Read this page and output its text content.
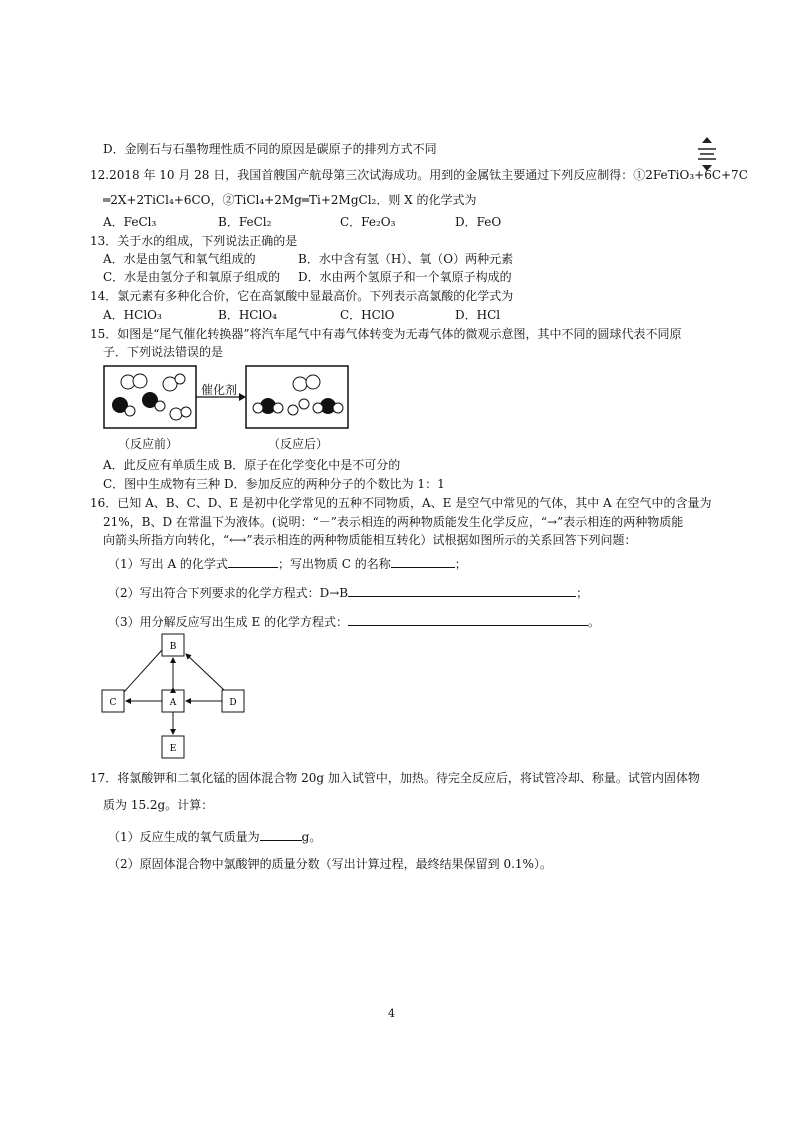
D．金刚石与石墨物理性质不同的原因是碳原子的排列方式不同
12.2018 年 10 月 28 日，我国首艘国产航母第三次试海成功。用到的金属钛主要通过下列反应制得：①2FeTiO₃+6C+7C
═2X+2TiCl₄+6CO，②TiCl₄+2Mg═Ti+2MgCl₂．则 X 的化学式为
A．FeCl₃	B．FeCl₂	C．Fe₂O₃	D．FeO
13．关于水的组成，下列说法正确的是
A．水是由氢气和氧气组成的	B．水中含有氢（H）、氧（O）两种元素
C．水是由氢分子和氧原子组成的 D．水由两个氢原子和一个氧原子构成的
14．氯元素有多种化合价，它在高氯酸中显最高价。下列表示高氯酸的化学式为
A．HClO₃	B．HClO₄	C．HClO	D．HCl
15．如图是“尾气催化转换器”将汽车尾气中有毒气体转变为无毒气体的微观示意图，其中不同的圆球代表不同原
子．下列说法错误的是
催化剂
（反应前）	（反应后）
A．此反应有单质生成 B．原子在化学变化中是不可分的
C．图中生成物有三种 D．参加反应的两种分子的个数比为 1：1
16．已知 A、B、C、D、E 是初中化学常见的五种不同物质，A、E 是空气中常见的气体，其中 A 在空气中的含量为
21%，B、D 在常温下为液体。(说明：“－”表示相连的两种物质能发生化学反应，“→”表示相连的两种物质能
向箭头所指方向转化，“⟷”表示相连的两种物质能相互转化）试根据如图所示的关系回答下列问题：
（1）写出 A 的化学式	；写出物质 C 的名称	；
（2）写出符合下列要求的化学方程式：D→B	；
（3）用分解反应写出生成 E 的化学方程式：	。
B
C	A	D
E
17．将氯酸钾和二氧化锰的固体混合物 20g 加入试管中，加热。待完全反应后，将试管冷却、称量。试管内固体物
质为 15.2g。计算：
（1）反应生成的氧气质量为	g。
（2）原固体混合物中氯酸钾的质量分数（写出计算过程，最终结果保留到 0.1%）。
4
